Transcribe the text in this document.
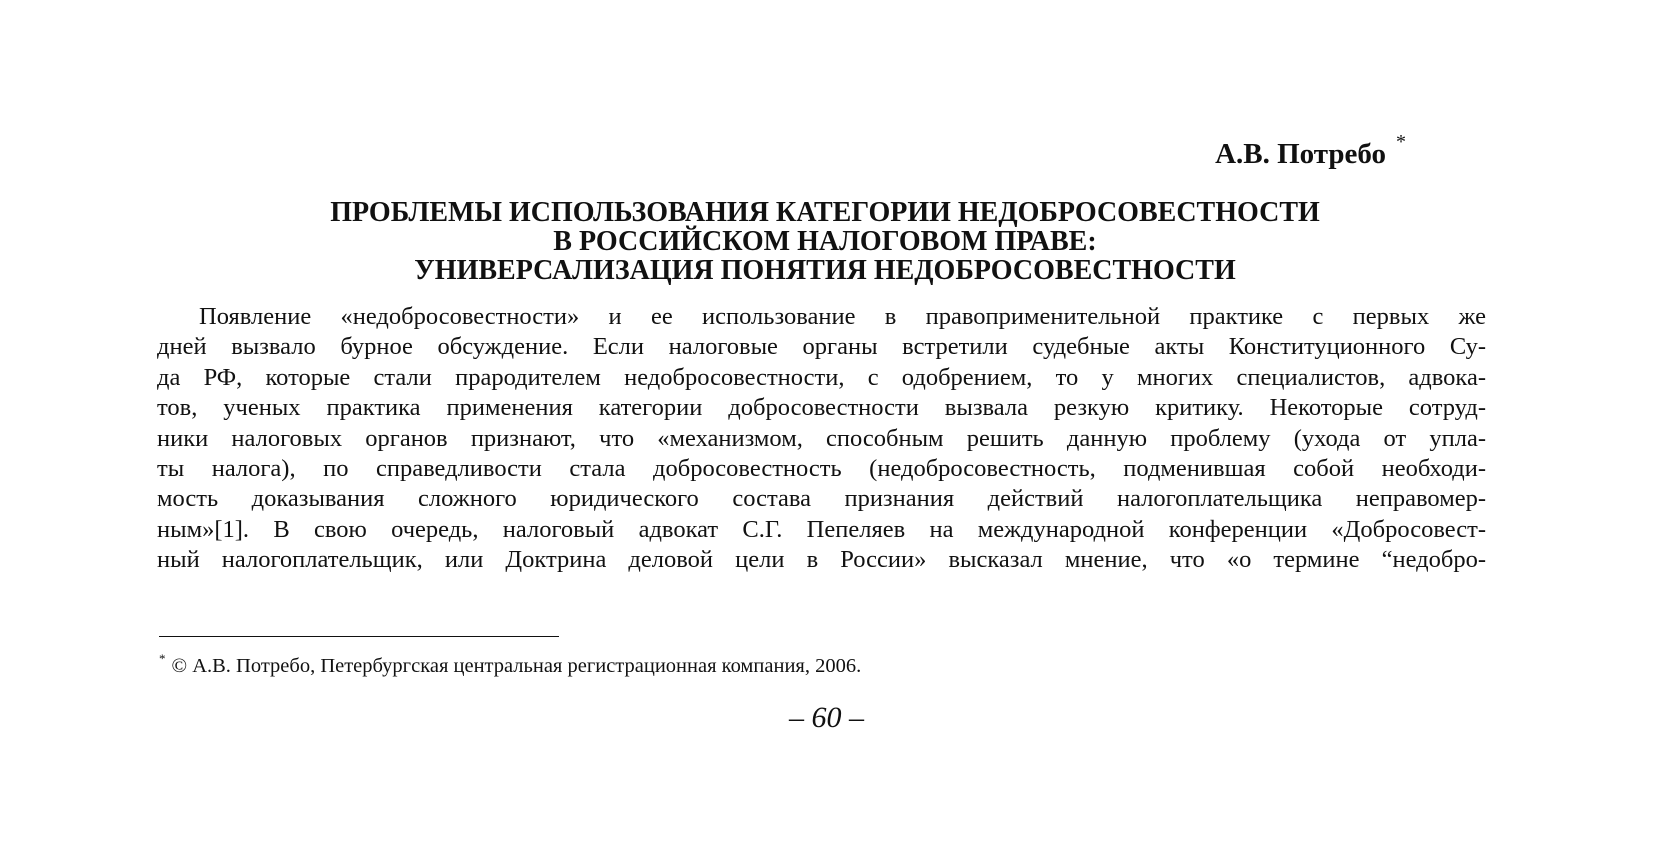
А.В. Потребо *
ПРОБЛЕМЫ ИСПОЛЬЗОВАНИЯ КАТЕГОРИИ НЕДОБРОСОВЕСТНОСТИ
В РОССИЙСКОМ НАЛОГОВОМ ПРАВЕ:
УНИВЕРСАЛИЗАЦИЯ ПОНЯТИЯ НЕДОБРОСОВЕСТНОСТИ
Появление «недобросовестности» и ее использование в правоприменительной практике с первых же
дней вызвало бурное обсуждение. Если налоговые органы встретили судебные акты Конституционного Су-
да РФ, которые стали прародителем недобросовестности, с одобрением, то у многих специалистов, адвока-
тов, ученых практика применения категории добросовестности вызвала резкую критику. Некоторые сотруд-
ники налоговых органов признают, что «механизмом, способным решить данную проблему (ухода от упла-
ты налога), по справедливости стала добросовестность (недобросовестность, подменившая собой необходи-
мость доказывания сложного юридического состава признания действий налогоплательщика неправомер-
ным»[1]. В свою очередь, налоговый адвокат С.Г. Пепеляев на международной конференции «Добросовест-
ный налогоплательщик, или Доктрина деловой цели в России» высказал мнение, что «о термине “недобро-
* © А.В. Потребо, Петербургская центральная регистрационная компания, 2006.
– 60 –
